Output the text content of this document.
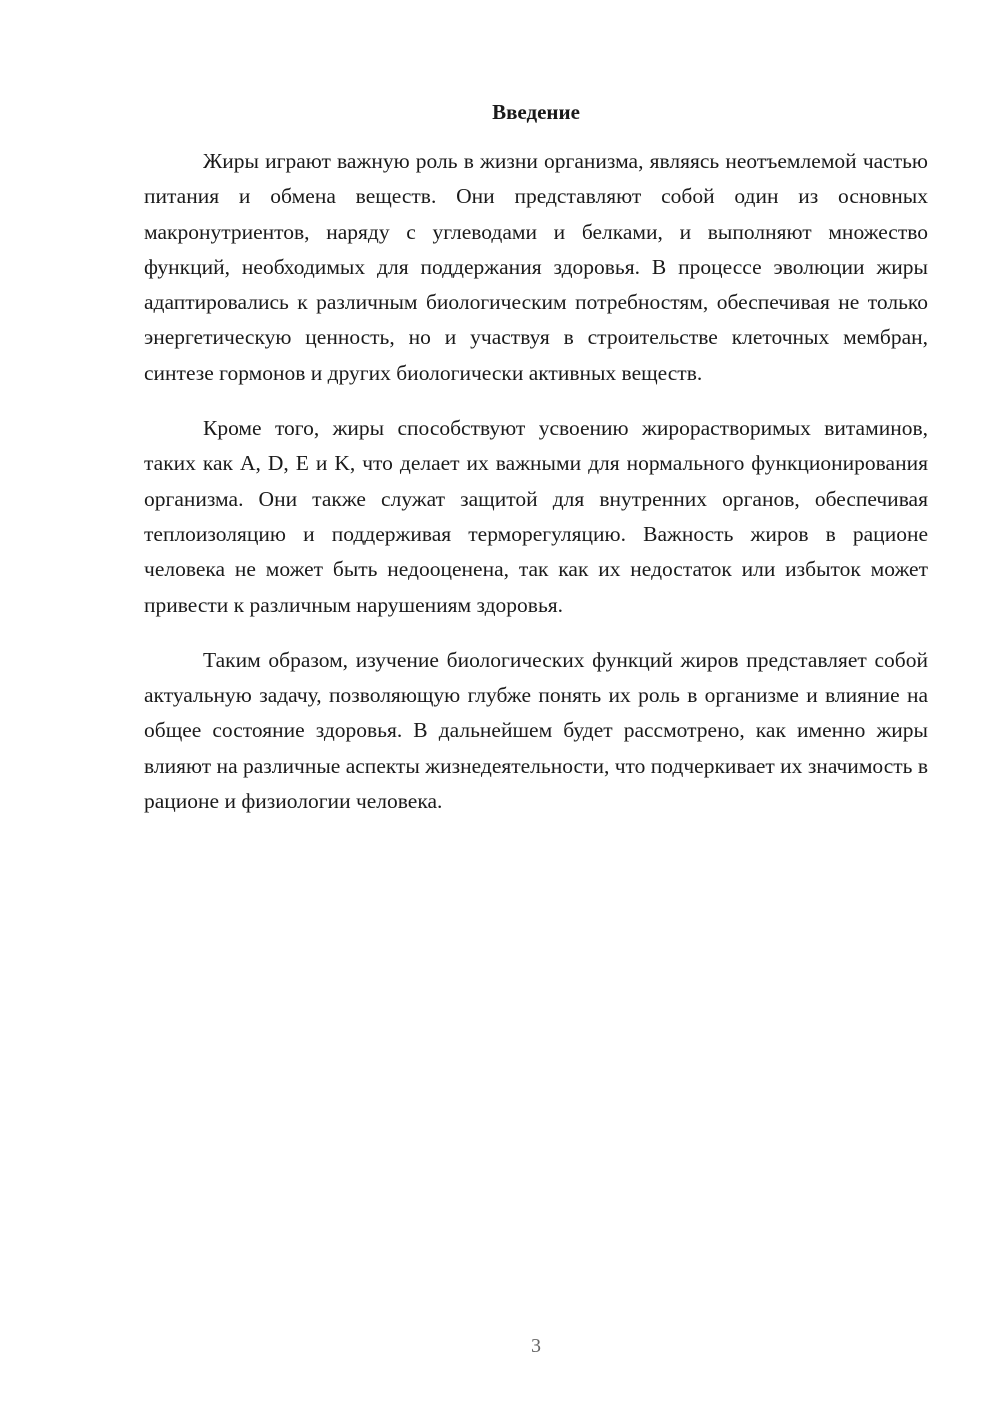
Введение

Жиры играют важную роль в жизни организма, являясь неотъемлемой частью питания и обмена веществ. Они представляют собой один из основных макронутриентов, наряду с углеводами и белками, и выполняют множество функций, необходимых для поддержания здоровья. В процессе эволюции жиры адаптировались к различным биологическим потребностям, обеспечивая не только энергетическую ценность, но и участвуя в строительстве клеточных мембран, синтезе гормонов и других биологически активных веществ.

Кроме того, жиры способствуют усвоению жирорастворимых витаминов, таких как A, D, E и K, что делает их важными для нормального функционирования организма. Они также служат защитой для внутренних органов, обеспечивая теплоизоляцию и поддерживая терморегуляцию. Важность жиров в рационе человека не может быть недооценена, так как их недостаток или избыток может привести к различным нарушениям здоровья.

Таким образом, изучение биологических функций жиров представляет собой актуальную задачу, позволяющую глубже понять их роль в организме и влияние на общее состояние здоровья. В дальнейшем будет рассмотрено, как именно жиры влияют на различные аспекты жизнедеятельности, что подчеркивает их значимость в рационе и физиологии человека.

3
